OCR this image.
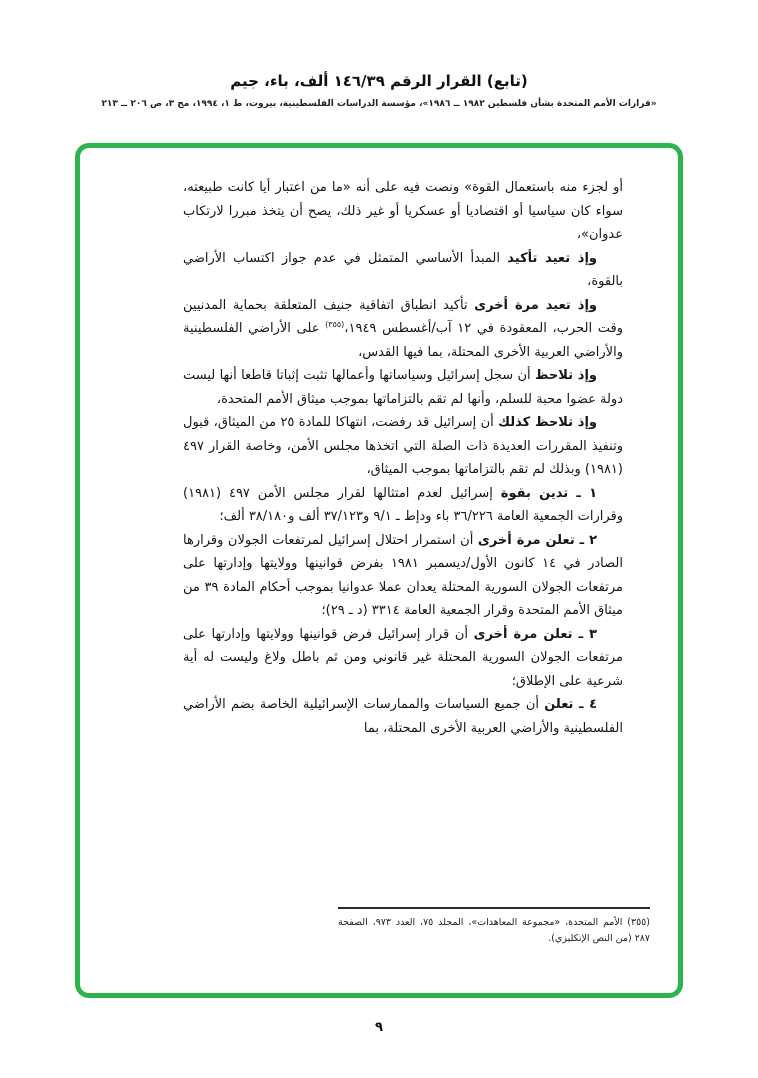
(تابع) القرار الرقم ١٤٦/٣٩ ألف، باء، جيم
«قرارات الأمم المتحدة بشأن فلسطين ١٩٨٢ ــ ١٩٨٦»، مؤسسة الدراسات الفلسطينية، بيروت، ط ١، ١٩٩٤، مج ٣، ص ٢٠٦ ــ ٢١٣

أو لجزء منه باستعمال القوة» ونصت فيه على أنه «ما من اعتبار أيا كانت طبيعته، سواء كان سياسيا أو اقتصاديا أو عسكريا أو غير ذلك، يصح أن يتخذ مبررا لارتكاب عدوان»،

وإذ تعيد تأكيد المبدأ الأساسي المتمثل في عدم جواز اكتساب الأراضي بالقوة،

وإذ تعيد مرة أخرى تأكيد انطباق اتفاقية جنيف المتعلقة بحماية المدنيين وقت الحرب، المعقودة في ١٢ آب/أغسطس ١٩٤٩،$^{(٣٥٥)}$ على الأراضي الفلسطينية والأراضي العربية الأخرى المحتلة، بما فيها القدس،

وإذ تلاحظ أن سجل إسرائيل وسياساتها وأعمالها تثبت إثباتا قاطعا أنها ليست دولة عضوا محبة للسلم، وأنها لم تقم بالتزاماتها بموجب ميثاق الأمم المتحدة،

وإذ تلاحظ كذلك أن إسرائيل قد رفضت، انتهاكا للمادة ٢٥ من الميثاق، قبول وتنفيذ المقررات العديدة ذات الصلة التي اتخذها مجلس الأمن، وخاصة القرار ٤٩٧ (١٩٨١) وبذلك لم تقم بالتزاماتها بموجب الميثاق،

١ ـ تدين بقوة إسرائيل لعدم امتثالها لقرار مجلس الأمن ٤٩٧ (١٩٨١) وقرارات الجمعية العامة ٣٦/٢٢٦ باء ودإط ـ ٩/١ و٣٧/١٢٣ ألف و٣٨/١٨٠ ألف؛

٢ ـ تعلن مرة أخرى أن استمرار احتلال إسرائيل لمرتفعات الجولان وقرارها الصادر في ١٤ كانون الأول/ديسمبر ١٩٨١ بفرض قوانينها وولايتها وإدارتها على مرتفعات الجولان السورية المحتلة يعدان عملا عدوانيا بموجب أحكام المادة ٣٩ من ميثاق الأمم المتحدة وقرار الجمعية العامة ٣٣١٤ (د ـ ٢٩)؛

٣ ـ تعلن مرة أخرى أن قرار إسرائيل فرض قوانينها وولايتها وإدارتها على مرتفعات الجولان السورية المحتلة غير قانوني ومن ثم باطل ولاغ وليست له أية شرعية على الإطلاق؛

٤ ـ تعلن أن جميع السياسات والممارسات الإسرائيلية الخاصة بضم الأراضي الفلسطينية والأراضي العربية الأخرى المحتلة، بما

(٣٥٥) الأمم المتحدة، «مجموعة المعاهدات»، المجلد ٧٥، العدد ٩٧٣، الصفحة ٢٨٧ (من النص الإنكليزي).
٩
